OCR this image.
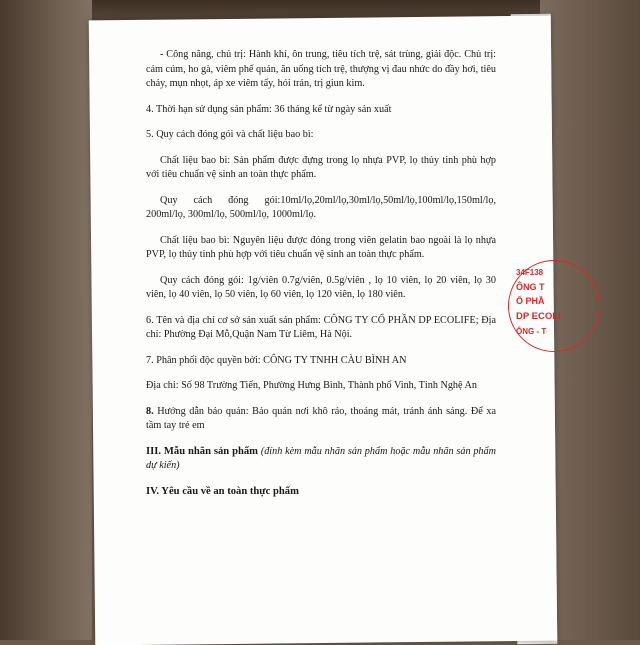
- Công năng, chủ trị: Hành khí, ôn trung, tiêu tích trệ, sát trùng, giải độc. Chủ trị: cảm cúm, ho gà, viêm phế quản, ăn uống tích trệ, thượng vị đau nhức do đầy hơi, tiêu chảy, mụn nhọt, áp xe viêm tấy, hói trán, trị giun kim.

4. Thời hạn sử dụng sản phẩm: 36 tháng kể từ ngày sản xuất

5. Quy cách đóng gói và chất liệu bao bì:

Chất liệu bao bì: Sản phẩm được đựng trong lọ nhựa PVP, lọ thủy tinh phù hợp với tiêu chuẩn vệ sinh an toàn thực phẩm.

Quy cách đóng gói:10ml/lọ,20ml/lọ,30ml/lọ,50ml/lọ,100ml/lọ,150ml/lọ, 200ml/lọ, 300ml/lọ, 500ml/lọ, 1000ml/lọ.

Chất liệu bao bì: Nguyên liệu được đóng trong viên gelatin bao ngoài là lọ nhựa PVP, lọ thủy tinh phù hợp với tiêu chuẩn vệ sinh an toàn thực phẩm.

Quy cách đóng gói: 1g/viên 0.7g/viên, 0.5g/viên , lọ 10 viên, lọ 20 viên, lọ 30 viên, lọ 40 viên, lọ 50 viên, lọ 60 viên, lọ 120 viên, lọ 180 viên.

6. Tên và địa chỉ cơ sở sản xuất sản phẩm: CÔNG TY CỔ PHẦN DP ECOLIFE; Địa chỉ: Phường Đại Mỗ,Quận Nam Từ Liêm, Hà Nội.

7. Phân phối độc quyền bởi: CÔNG TY TNHH CÀU BÌNH AN

Địa chỉ: Số 98 Trường Tiến, Phường Hưng Bình, Thành phố Vinh, Tỉnh Nghệ An

8. Hướng dẫn bảo quản: Bảo quản nơi khô ráo, thoáng mát, tránh ánh sáng. Để xa tầm tay trẻ em

III. Mẫu nhãn sản phẩm (đính kèm mẫu nhãn sản phẩm hoặc mẫu nhãn sản phẩm dự kiến)

IV. Yêu cầu về an toàn thực phẩm

34F138
ÔNG T
Ổ PHẦ
DP ECOLI
ÔNG - T
